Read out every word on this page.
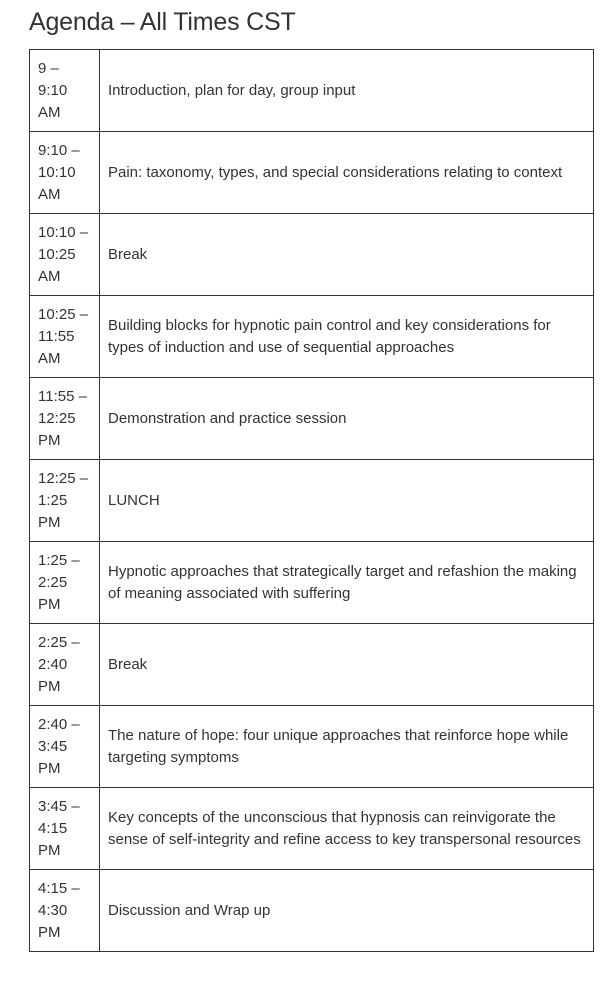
Agenda – All Times CST
9 –
9:10
AM	Introduction, plan for day, group input

9:10 –
10:10
AM	Pain: taxonomy, types, and special considerations relating to context

10:10 –
10:25
AM	Break

10:25 –
11:55
AM	Building blocks for hypnotic pain control and key considerations for types of induction and use of sequential approaches

11:55 –
12:25
PM	Demonstration and practice session

12:25 –
1:25
PM	LUNCH

1:25 –
2:25
PM	Hypnotic approaches that strategically target and refashion the making of meaning associated with suffering

2:25 –
2:40
PM	Break

2:40 –
3:45
PM	The nature of hope: four unique approaches that reinforce hope while targeting symptoms

3:45 –
4:15
PM	Key concepts of the unconscious that hypnosis can reinvigorate the sense of self-integrity and refine access to key transpersonal resources

4:15 –
4:30
PM	Discussion and Wrap up
